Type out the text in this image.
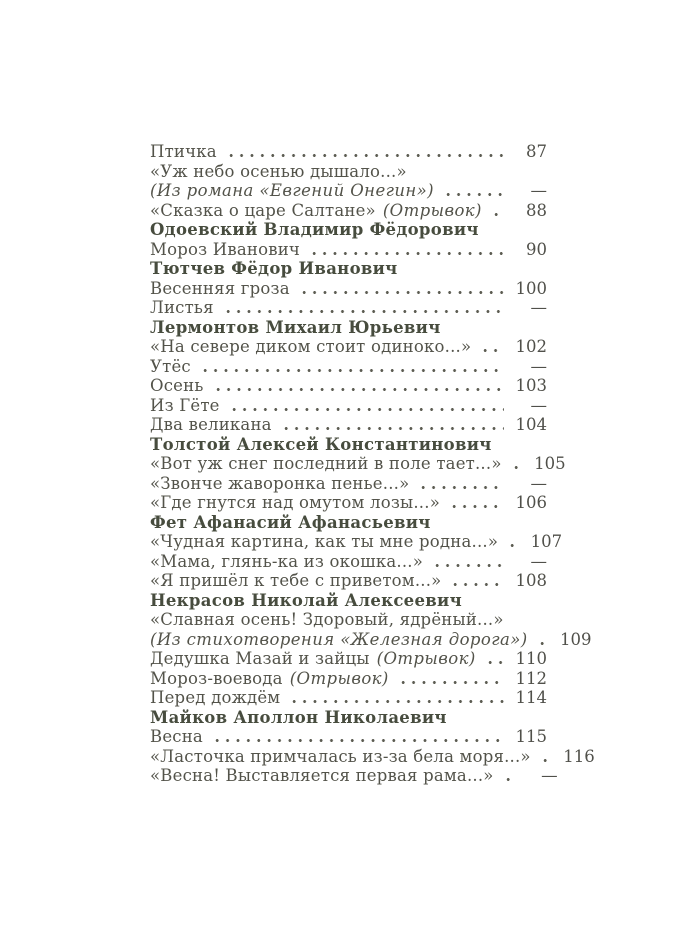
Птичка	87
«Уж небо осенью дышало...»
(Из романа «Евгений Онегин»)	—
«Сказка о царе Салтане» (Отрывок)	88
Одоевский Владимир Фёдорович
Мороз Иванович	90
Тютчев Фёдор Иванович
Весенняя гроза	100
Листья	—
Лермонтов Михаил Юрьевич
«На севере диком стоит одиноко...»	102
Утёс	—
Осень	103
Из Гёте	—
Два великана	104
Толстой Алексей Константинович
«Вот уж снег последний в поле тает...»	105
«Звонче жаворонка пенье...»	—
«Где гнутся над омутом лозы...»	106
Фет Афанасий Афанасьевич
«Чудная картина, как ты мне родна...»	107
«Мама, глянь-ка из окошка...»	—
«Я пришёл к тебе с приветом...»	108
Некрасов Николай Алексеевич
«Славная осень! Здоровый, ядрёный...»
(Из стихотворения «Железная дорога»)	109
Дедушка Мазай и зайцы (Отрывок)	110
Мороз-воевода (Отрывок)	112
Перед дождём	114
Майков Аполлон Николаевич
Весна	115
«Ласточка примчалась из-за бела моря...»	116
«Весна! Выставляется первая рама...»	—
